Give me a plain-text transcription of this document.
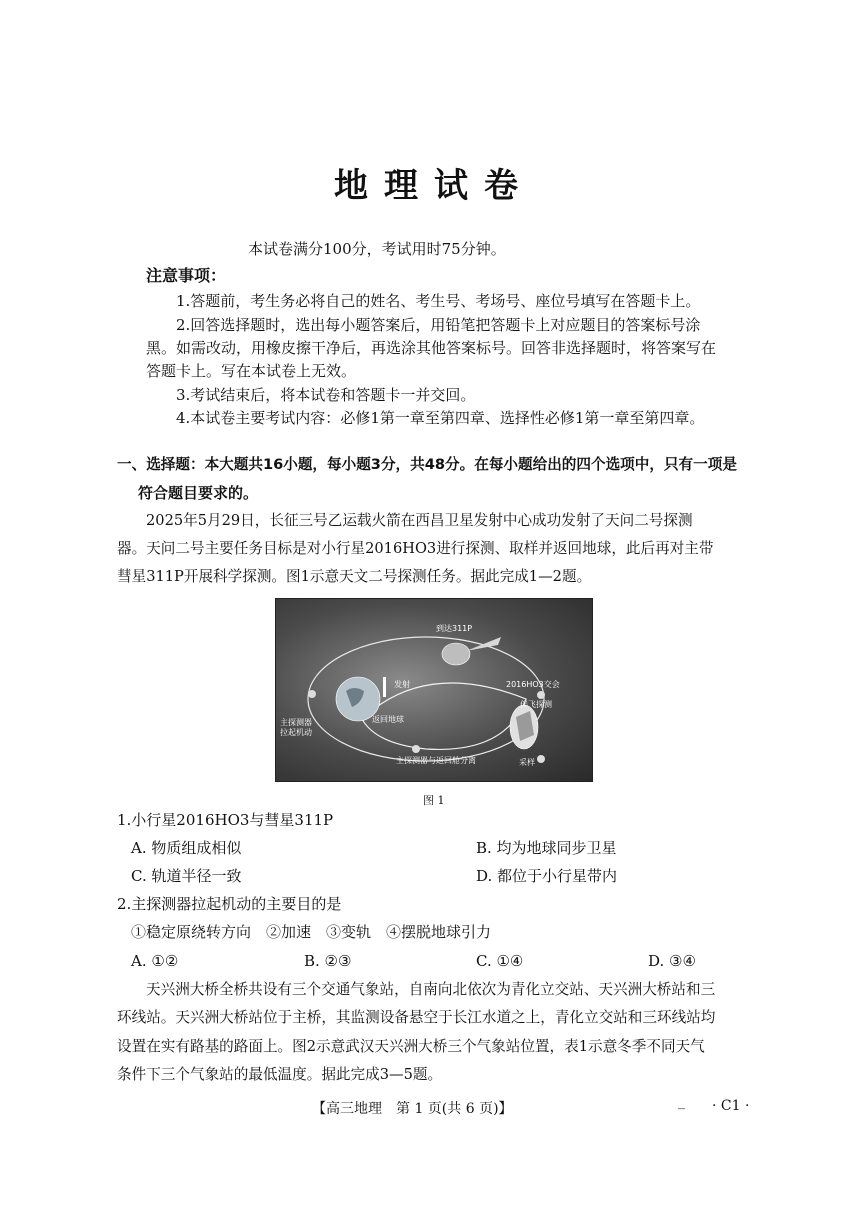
地理试卷
本试卷满分100分，考试用时75分钟。
注意事项：
1.答题前，考生务必将自己的姓名、考生号、考场号、座位号填写在答题卡上。
2.回答选择题时，选出每小题答案后，用铅笔把答题卡上对应题目的答案标号涂
黑。如需改动，用橡皮擦干净后，再选涂其他答案标号。回答非选择题时，将答案写在
答题卡上。写在本试卷上无效。
3.考试结束后，将本试卷和答题卡一并交回。
4.本试卷主要考试内容：必修1第一章至第四章、选择性必修1第一章至第四章。
一、选择题：本大题共16小题，每小题3分，共48分。在每小题给出的四个选项中，只有一项是
符合题目要求的。
2025年5月29日，长征三号乙运载火箭在西昌卫星发射中心成功发射了天问二号探测
器。天问二号主要任务目标是对小行星2016HO3进行探测、取样并返回地球，此后再对主带
彗星311P开展科学探测。图1示意天文二号探测任务。据此完成1—2题。
到达311P
发射	2016HO3交会
伴飞探测
主探测器
拉起机动
返回地球
主探测器与返回舱分离	采样
图 1
1.小行星2016HO3与彗星311P
A. 物质组成相似	B. 均为地球同步卫星
C. 轨道半径一致	D. 都位于小行星带内
2.主探测器拉起机动的主要目的是
①稳定原绕转方向　②加速　③变轨　④摆脱地球引力
A. ①②	B. ②③	C. ①④	D. ③④
天兴洲大桥全桥共设有三个交通气象站，自南向北依次为青化立交站、天兴洲大桥站和三
环线站。天兴洲大桥站位于主桥，其监测设备悬空于长江水道之上，青化立交站和三环线站均
设置在实有路基的路面上。图2示意武汉天兴洲大桥三个气象站位置，表1示意冬季不同天气
条件下三个气象站的最低温度。据此完成3—5题。
【高三地理　第 1 页(共 6 页)】	_ · C1 ·
